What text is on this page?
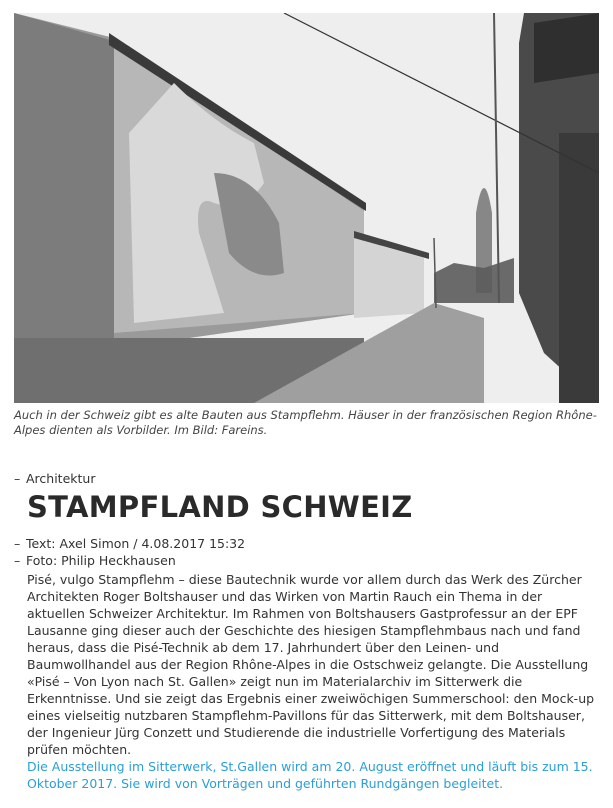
Auch in der Schweiz gibt es alte Bauten aus Stampflehm. Häuser in der französischen Region Rhône-Alpes dienten als Vorbilder. Im Bild: Fareins.
– Architektur
STAMPFLAND SCHWEIZ
– Text: Axel Simon / 4.08.2017 15:32
– Foto: Philip Heckhausen

Pisé, vulgo Stampflehm – diese Bautechnik wurde vor allem durch das Werk des Zürcher Architekten Roger Boltshauser und das Wirken von Martin Rauch ein Thema in der aktuellen Schweizer Architektur. Im Rahmen von Boltshausers Gastprofessur an der EPF Lausanne ging dieser auch der Geschichte des hiesigen Stampflehmbaus nach und fand heraus, dass die Pisé-Technik ab dem 17. Jahrhundert über den Leinen- und Baumwollhandel aus der Region Rhône-Alpes in die Ostschweiz gelangte. Die Ausstellung «Pisé – Von Lyon nach St. Gallen» zeigt nun im Materialarchiv im Sitterwerk die Erkenntnisse. Und sie zeigt das Ergebnis einer zweiwöchigen Summerschool: den Mock-up eines vielseitig nutzbaren Stampflehm-Pavillons für das Sitterwerk, mit dem Boltshauser, der Ingenieur Jürg Conzett und Studierende die industrielle Vorfertigung des Materials prüfen möchten.

Die Ausstellung im Sitterwerk, St.Gallen wird am 20. August eröffnet und läuft bis zum 15. Oktober 2017. Sie wird von Vorträgen und geführten Rundgängen begleitet.
